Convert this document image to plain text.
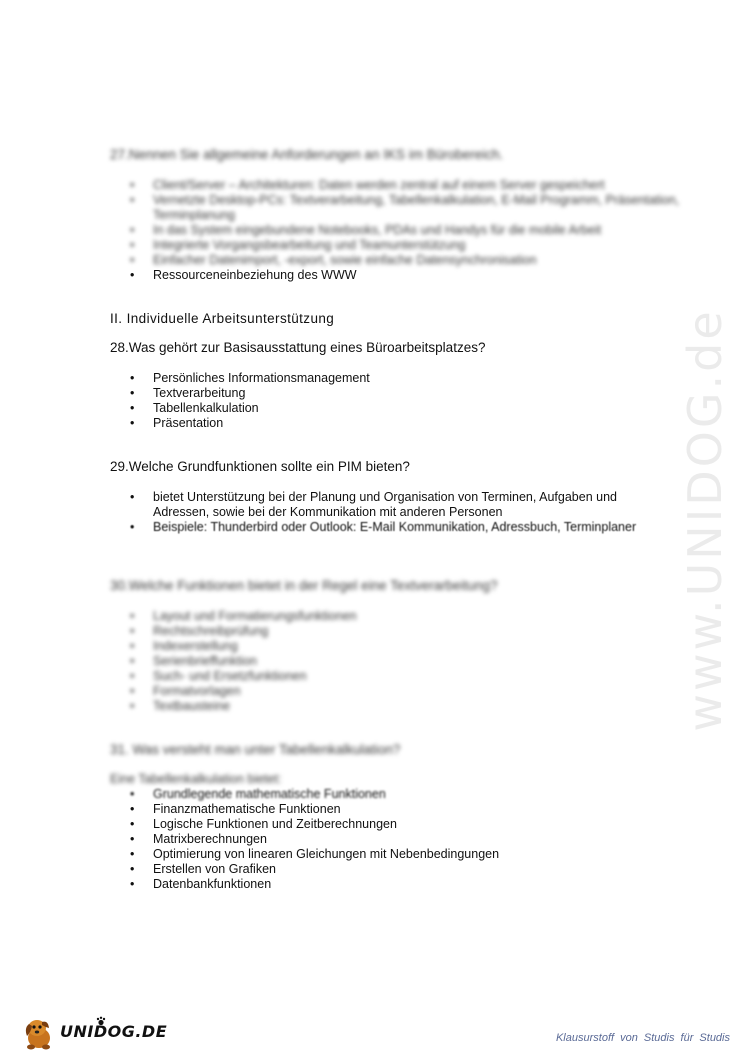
www.UNIDOG.de
27.Nennen Sie allgemeine Anforderungen an IKS im Bürobereich.
• Client/Server – Architekturen: Daten werden zentral auf einem Server gespeichert
• Vernetzte Desktop-PCs: Textverarbeitung, Tabellenkalkulation, E-Mail Programm, Präsentation, Terminplanung
• In das System eingebundene Notebooks, PDAs und Handys für die mobile Arbeit
• Integrierte Vorgangsbearbeitung und Teamunterstützung
• Einfacher Datenimport, -export, sowie einfache Datensynchronisation
• Ressourceneinbeziehung des WWW
II. Individuelle Arbeitsunterstützung
28.Was gehört zur Basisausstattung eines Büroarbeitsplatzes?
• Persönliches Informationsmanagement
• Textverarbeitung
• Tabellenkalkulation
• Präsentation
29.Welche Grundfunktionen sollte ein PIM bieten?
• bietet Unterstützung bei der Planung und Organisation von Terminen, Aufgaben und Adressen, sowie bei der Kommunikation mit anderen Personen
• Beispiele: Thunderbird oder Outlook: E-Mail Kommunikation, Adressbuch, Terminplaner
30.Welche Funktionen bietet in der Regel eine Textverarbeitung?
• Layout und Formatierungsfunktionen
• Rechtschreibprüfung
• Indexerstellung
• Serienbrieffunktion
• Such- und Ersetzfunktionen
• Formatvorlagen
• Textbausteine
31. Was versteht man unter Tabellenkalkulation?
Eine Tabellenkalkulation bietet:
• Grundlegende mathematische Funktionen
• Finanzmathematische Funktionen
• Logische Funktionen und Zeitberechnungen
• Matrixberechnungen
• Optimierung von linearen Gleichungen mit Nebenbedingungen
• Erstellen von Grafiken
• Datenbankfunktionen
UNIDOG.DE	Klausurstoff von Studis für Studis
